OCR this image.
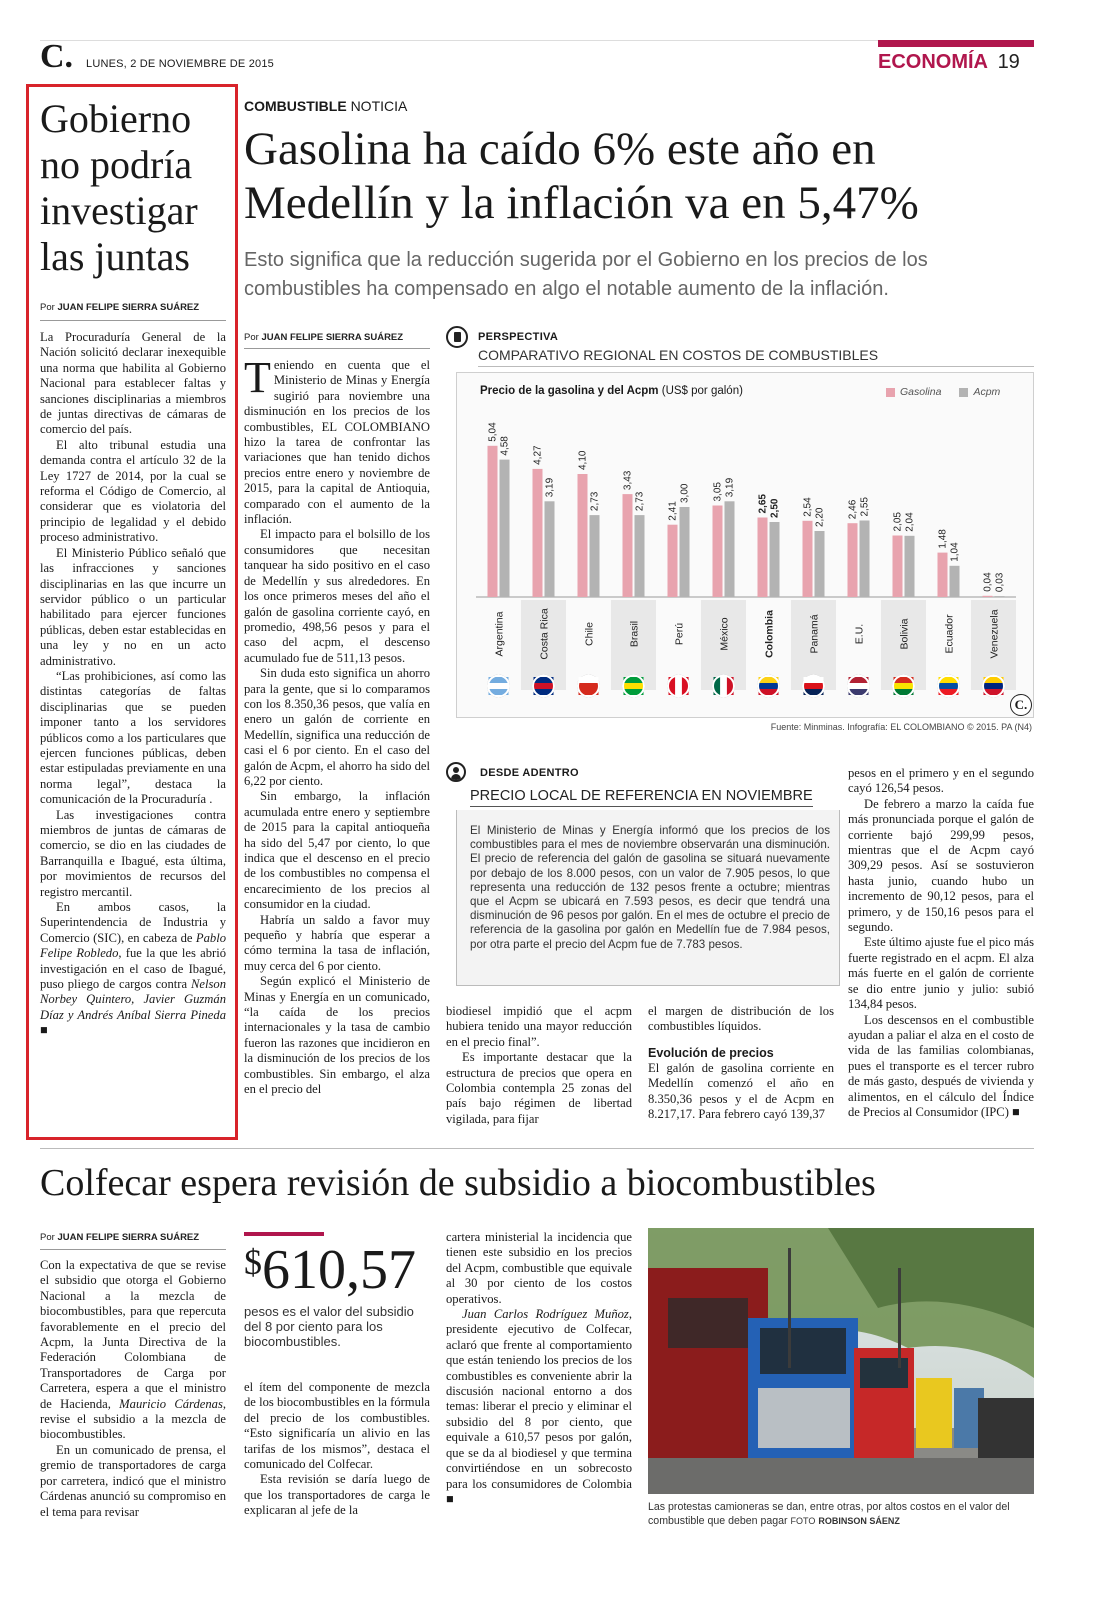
C. LUNES, 2 DE NOVIEMBRE DE 2015	ECONOMÍA 19
Gobierno no podría investigar las juntas
Por JUAN FELIPE SIERRA SUÁREZ

La Procuraduría General de la Nación solicitó declarar inexequible una norma que habilita al Gobierno Nacional para establecer faltas y sanciones disciplinarias a miembros de juntas directivas de cámaras de comercio del país.

El alto tribunal estudia una demanda contra el artículo 32 de la Ley 1727 de 2014, por la cual se reforma el Código de Comercio, al considerar que es violatoria del principio de legalidad y el debido proceso administrativo.

El Ministerio Público señaló que las infracciones y sanciones disciplinarias en las que incurre un servidor público o un particular habilitado para ejercer funciones públicas, deben estar establecidas en una ley y no en un acto administrativo.

“Las prohibiciones, así como las distintas categorías de faltas disciplinarias que se pueden imponer tanto a los servidores públicos como a los particulares que ejercen funciones públicas, deben estar estipuladas previamente en una norma legal”, destaca la comunicación de la Procuraduría .

Las investigaciones contra miembros de juntas de cámaras de comercio, se dio en las ciudades de Barranquilla e Ibagué, esta última, por movimientos de recursos del registro mercantil.

En ambos casos, la Superintendencia de Industria y Comercio (SIC), en cabeza de Pablo Felipe Robledo, fue la que les abrió investigación en el caso de Ibagué, puso pliego de cargos contra Nelson Norbey Quintero, Javier Guzmán Díaz y Andrés Aníbal Sierra Pineda ■

COMBUSTIBLE NOTICIA
Gasolina ha caído 6% este año en Medellín y la inflación va en 5,47%
Esto significa que la reducción sugerida por el Gobierno en los precios de los combustibles ha compensado en algo el notable aumento de la inflación.
Por JUAN FELIPE SIERRA SUÁREZ

Teniendo en cuenta que el Ministerio de Minas y Energía sugirió para noviembre una disminución en los precios de los combustibles, EL COLOMBIANO hizo la tarea de confrontar las variaciones que han tenido dichos precios entre enero y noviembre de 2015, para la capital de Antioquia, comparado con el aumento de la inflación.

El impacto para el bolsillo de los consumidores que necesitan tanquear ha sido positivo en el caso de Medellín y sus alrededores. En los once primeros meses del año el galón de gasolina corriente cayó, en promedio, 498,56 pesos y para el caso del acpm, el descenso acumulado fue de 511,13 pesos.

Sin duda esto significa un ahorro para la gente, que si lo comparamos con los 8.350,36 pesos, que valía en enero un galón de corriente en Medellín, significa una reducción de casi el 6 por ciento. En el caso del galón de Acpm, el ahorro ha sido del 6,22 por ciento.

Sin embargo, la inflación acumulada entre enero y septiembre de 2015 para la capital antioqueña ha sido del 5,47 por ciento, lo que indica que el descenso en el precio de los combustibles no compensa el encarecimiento de los precios al consumidor en la ciudad.

Habría un saldo a favor muy pequeño y habría que esperar a cómo termina la tasa de inflación, muy cerca del 6 por ciento.

Según explicó el Ministerio de Minas y Energía en un comunicado, “la caída de los precios internacionales y la tasa de cambio fueron las razones que incidieron en la disminución de los precios de los combustibles. Sin embargo, el alza en el precio del

PERSPECTIVA
COMPARATIVO REGIONAL EN COSTOS DE COMBUSTIBLES
Precio de la gasolina y del Acpm (US$ por galón)	Gasolina	Acpm
5,04
4,58
Argentina
4,27
3,19
Costa Rica
4,10
2,73
Chile
3,43
2,73
Brasil
2,41
3,00
Perú
3,05 3,19
México
2,65 2,50
Colombia
2,54
2,20
Panamá
2,46 2,55
E.U.
2,05 2,04
Bolivia
1,48
1,04
Ecuador
0,04 0,03
Venezuela
C.
Fuente: Minminas. Infografía: EL COLOMBIANO © 2015. PA (N4)
DESDE ADENTRO
PRECIO LOCAL DE REFERENCIA EN NOVIEMBRE
El Ministerio de Minas y Energía informó que los precios de los combustibles para el mes de noviembre observarán una disminución. El precio de referencia del galón de gasolina se situará nuevamente por debajo de los 8.000 pesos, con un valor de 7.905 pesos, lo que representa una reducción de 132 pesos frente a octubre; mientras que el Acpm se ubicará en 7.593 pesos, es decir que tendrá una disminución de 96 pesos por galón. En el mes de octubre el precio de referencia de la gasolina por galón en Medellín fue de 7.984 pesos, por otra parte el precio del Acpm fue de 7.783 pesos.

biodiesel impidió que el acpm hubiera tenido una mayor reducción en el precio final”.

Es importante destacar que la estructura de precios que opera en Colombia contempla 25 zonas del país bajo régimen de libertad vigilada, para fijar

el margen de distribución de los combustibles líquidos.

Evolución de precios

El galón de gasolina corriente en Medellín comenzó el año en 8.350,36 pesos y el de Acpm en 8.217,17. Para febrero cayó 139,37

pesos en el primero y en el segundo cayó 126,54 pesos.

De febrero a marzo la caída fue más pronunciada porque el galón de corriente bajó 299,99 pesos, mientras que el de Acpm cayó 309,29 pesos. Así se sostuvieron hasta junio, cuando hubo un incremento de 90,12 pesos, para el primero, y de 150,16 pesos para el segundo.

Este último ajuste fue el pico más fuerte registrado en el acpm. El alza más fuerte en el galón de corriente se dio entre junio y julio: subió 134,84 pesos.

Los descensos en el combustible ayudan a paliar el alza en el costo de vida de las familias colombianas, pues el transporte es el tercer rubro de más gasto, después de vivienda y alimentos, en el cálculo del Índice de Precios al Consumidor (IPC) ■

Colfecar espera revisión de subsidio a biocombustibles
Por JUAN FELIPE SIERRA SUÁREZ

Con la expectativa de que se revise el subsidio que otorga el Gobierno Nacional a la mezcla de biocombustibles, para que repercuta favorablemente en el precio del Acpm, la Junta Directiva de la Federación Colombiana de Transportadores de Carga por Carretera, espera a que el ministro de Hacienda, Mauricio Cárdenas, revise el subsidio a la mezcla de biocombustibles.

En un comunicado de prensa, el gremio de transportadores de carga por carretera, indicó que el ministro Cárdenas anunció su compromiso en el tema para revisar

$610,57
pesos es el valor del subsidio del 8 por ciento para los biocombustibles.

el ítem del componente de mezcla de los biocombustibles en la fórmula del precio de los combustibles. “Esto significaría un alivio en las tarifas de los mismos”, destaca el comunicado del Colfecar.

Esta revisión se daría luego de que los transportadores de carga le explicaran al jefe de la

cartera ministerial la incidencia que tienen este subsidio en los precios del Acpm, combustible que equivale al 30 por ciento de los costos operativos.

Juan Carlos Rodríguez Muñoz, presidente ejecutivo de Colfecar, aclaró que frente al comportamiento que están teniendo los precios de los combustibles es conveniente abrir la discusión nacional entorno a dos temas: liberar el precio y eliminar el subsidio del 8 por ciento, que equivale a 610,57 pesos por galón, que se da al biodiesel y que termina convirtiéndose en un sobrecosto para los consumidores de Colombia ■

Las protestas camioneras se dan, entre otras, por altos costos en el valor del combustible que deben pagar FOTO ROBINSON SÁENZ
